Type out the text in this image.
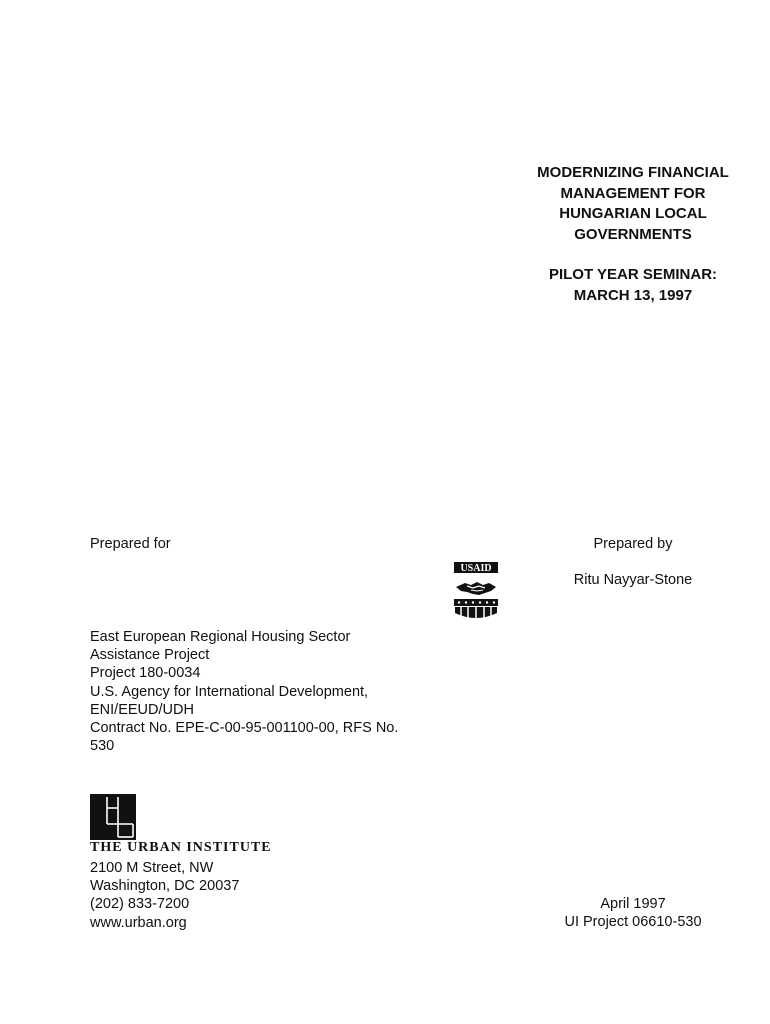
MODERNIZING FINANCIAL
MANAGEMENT FOR
HUNGARIAN LOCAL
GOVERNMENTS
PILOT YEAR SEMINAR:
MARCH 13, 1997
Prepared for
USAID
Prepared by
Ritu Nayyar-Stone
East European Regional Housing Sector
Assistance Project
Project 180-0034
U.S. Agency for International Development,
ENI/EEUD/UDH
Contract No. EPE-C-00-95-001100-00, RFS No.
530
THE URBAN INSTITUTE
2100 M Street, NW
Washington, DC 20037
(202) 833-7200
www.urban.org
April 1997
UI Project 06610-530
